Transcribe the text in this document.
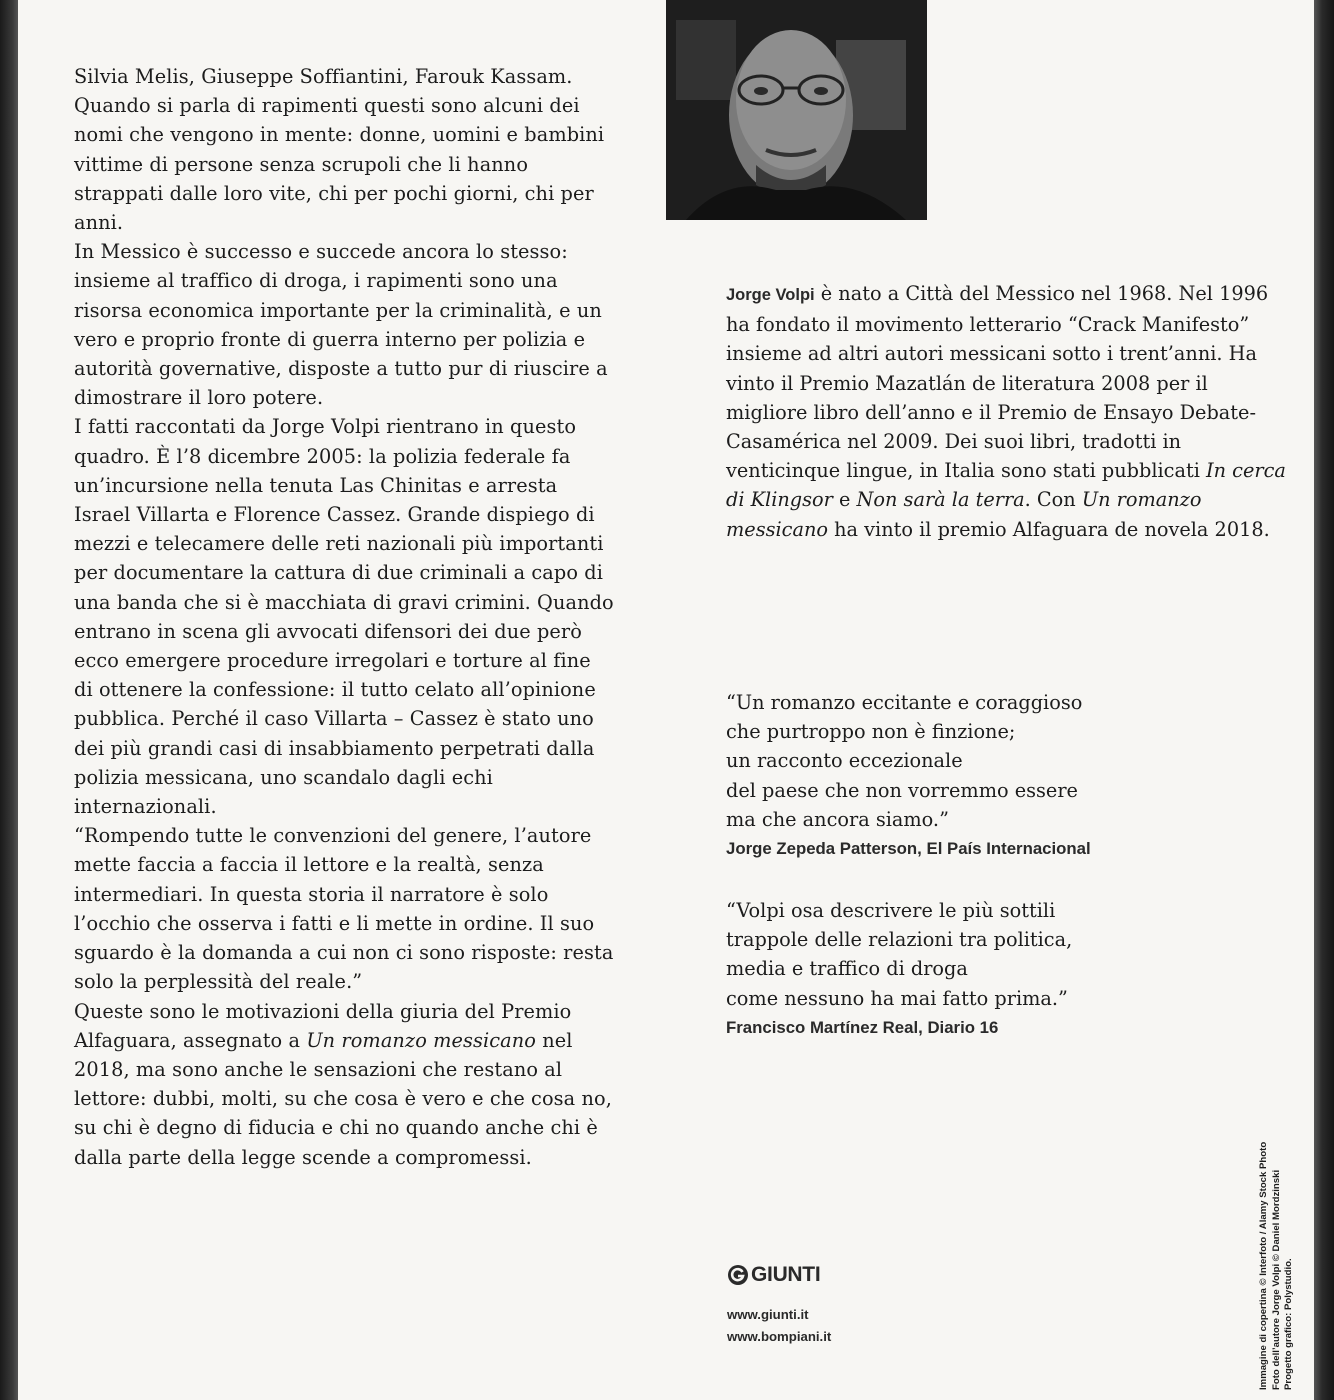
Silvia Melis, Giuseppe Soffiantini, Farouk Kassam. Quando si parla di rapimenti questi sono alcuni dei nomi che vengono in mente: donne, uomini e bambini vittime di persone senza scrupoli che li hanno strappati dalle loro vite, chi per pochi giorni, chi per anni.

In Messico è successo e succede ancora lo stesso: insieme al traffico di droga, i rapimenti sono una risorsa economica importante per la criminalità, e un vero e proprio fronte di guerra interno per polizia e autorità governative, disposte a tutto pur di riuscire a dimostrare il loro potere.

I fatti raccontati da Jorge Volpi rientrano in questo quadro. È l’8 dicembre 2005: la polizia federale fa un’incursione nella tenuta Las Chinitas e arresta Israel Villarta e Florence Cassez. Grande dispiego di mezzi e telecamere delle reti nazionali più importanti per documentare la cattura di due criminali a capo di una banda che si è macchiata di gravi crimini. Quando entrano in scena gli avvocati difensori dei due però ecco emergere procedure irregolari e torture al fine di ottenere la confessione: il tutto celato all’opinione pubblica. Perché il caso Villarta – Cassez è stato uno dei più grandi casi di insabbiamento perpetrati dalla polizia messicana, uno scandalo dagli echi internazionali.

“Rompendo tutte le convenzioni del genere, l’autore mette faccia a faccia il lettore e la realtà, senza intermediari. In questa storia il narratore è solo l’occhio che osserva i fatti e li mette in ordine. Il suo sguardo è la domanda a cui non ci sono risposte: resta solo la perplessità del reale.”

Queste sono le motivazioni della giuria del Premio Alfaguara, assegnato a Un romanzo messicano nel 2018, ma sono anche le sensazioni che restano al lettore: dubbi, molti, su che cosa è vero e che cosa no, su chi è degno di fiducia e chi no quando anche chi è dalla parte della legge scende a compromessi.

Jorge Volpi è nato a Città del Messico nel 1968. Nel 1996 ha fondato il movimento letterario “Crack Manifesto” insieme ad altri autori messicani sotto i trent’anni. Ha vinto il Premio Mazatlán de literatura 2008 per il migliore libro dell’anno e il Premio de Ensayo Debate-Casamérica nel 2009. Dei suoi libri, tradotti in venticinque lingue, in Italia sono stati pubblicati In cerca di Klingsor e Non sarà la terra. Con Un romanzo messicano ha vinto il premio Alfaguara de novela 2018.

“Un romanzo eccitante e coraggioso

che purtroppo non è finzione;

un racconto eccezionale

del paese che non vorremmo essere

ma che ancora siamo.”

Jorge Zepeda Patterson, El País Internacional

“Volpi osa descrivere le più sottili

trappole delle relazioni tra politica,

media e traffico di droga

come nessuno ha mai fatto prima.”

Francisco Martínez Real, Diario 16

GIUNTI
www.giunti.it
www.bompiani.it	Immagine di copertina © Interfoto / Alamy Stock Photo Foto dell’autore Jorge Volpi © Daniel Mordzinski Progetto grafico: Polystudio.
